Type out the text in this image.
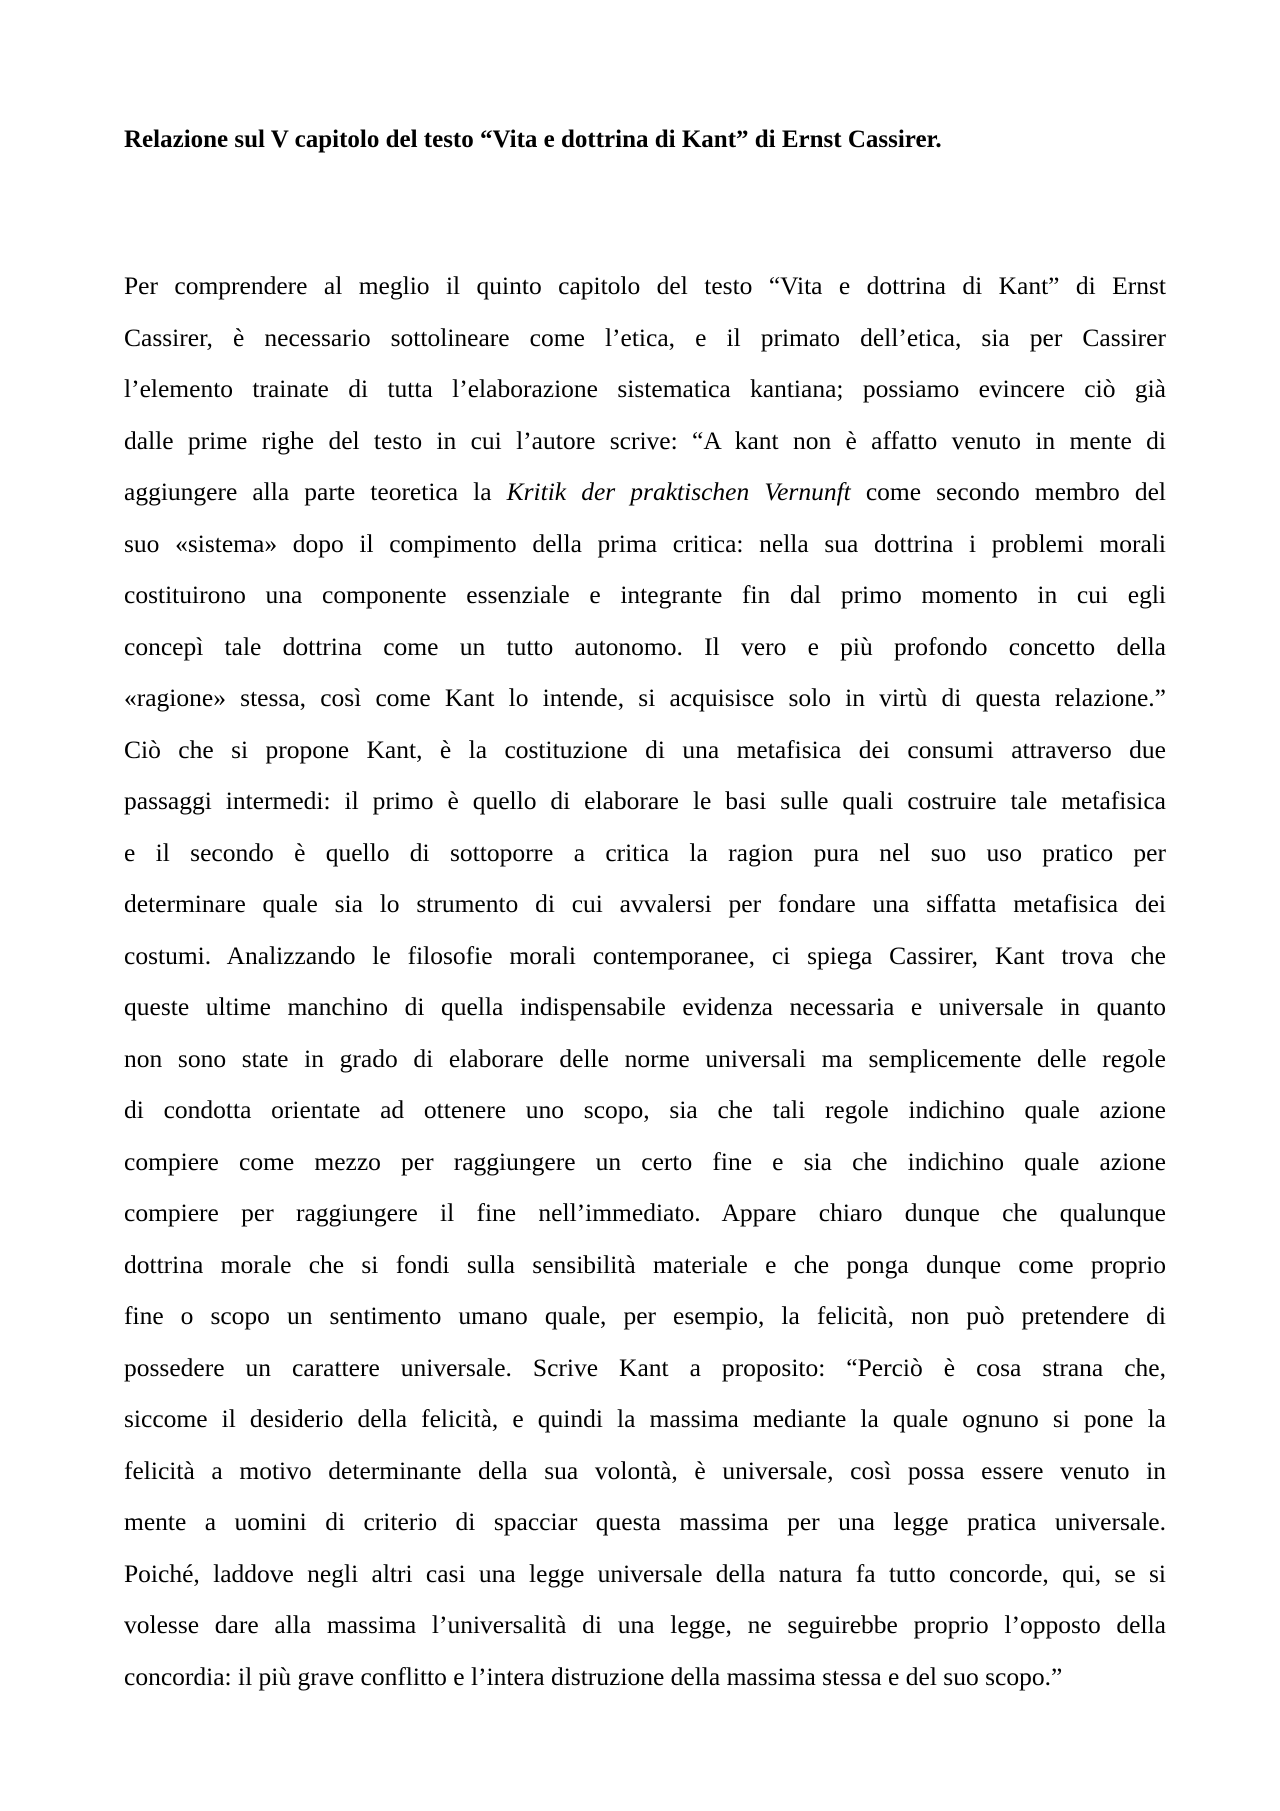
Relazione sul V capitolo del testo “Vita e dottrina di Kant” di Ernst Cassirer.
Per comprendere al meglio il quinto capitolo del testo “Vita e dottrina di Kant” di Ernst
Cassirer, è necessario sottolineare come l’etica, e il primato dell’etica, sia per Cassirer
l’elemento trainate di tutta l’elaborazione sistematica kantiana; possiamo evincere ciò già
dalle prime righe del testo in cui l’autore scrive: “A kant non è affatto venuto in mente di
aggiungere alla parte teoretica la Kritik der praktischen Vernunft come secondo membro del
suo «sistema» dopo il compimento della prima critica: nella sua dottrina i problemi morali
costituirono una componente essenziale e integrante fin dal primo momento in cui egli
concepì tale dottrina come un tutto autonomo. Il vero e più profondo concetto della
«ragione» stessa, così come Kant lo intende, si acquisisce solo in virtù di questa relazione.”
Ciò che si propone Kant, è la costituzione di una metafisica dei consumi attraverso due
passaggi intermedi: il primo è quello di elaborare le basi sulle quali costruire tale metafisica
e il secondo è quello di sottoporre a critica la ragion pura nel suo uso pratico per
determinare quale sia lo strumento di cui avvalersi per fondare una siffatta metafisica dei
costumi. Analizzando le filosofie morali contemporanee, ci spiega Cassirer, Kant trova che
queste ultime manchino di quella indispensabile evidenza necessaria e universale in quanto
non sono state in grado di elaborare delle norme universali ma semplicemente delle regole
di condotta orientate ad ottenere uno scopo, sia che tali regole indichino quale azione
compiere come mezzo per raggiungere un certo fine e sia che indichino quale azione
compiere per raggiungere il fine nell’immediato. Appare chiaro dunque che qualunque
dottrina morale che si fondi sulla sensibilità materiale e che ponga dunque come proprio
fine o scopo un sentimento umano quale, per esempio, la felicità, non può pretendere di
possedere un carattere universale. Scrive Kant a proposito: “Perciò è cosa strana che,
siccome il desiderio della felicità, e quindi la massima mediante la quale ognuno si pone la
felicità a motivo determinante della sua volontà, è universale, così possa essere venuto in
mente a uomini di criterio di spacciar questa massima per una legge pratica universale.
Poiché, laddove negli altri casi una legge universale della natura fa tutto concorde, qui, se si
volesse dare alla massima l’universalità di una legge, ne seguirebbe proprio l’opposto della
concordia: il più grave conflitto e l’intera distruzione della massima stessa e del suo scopo.”
